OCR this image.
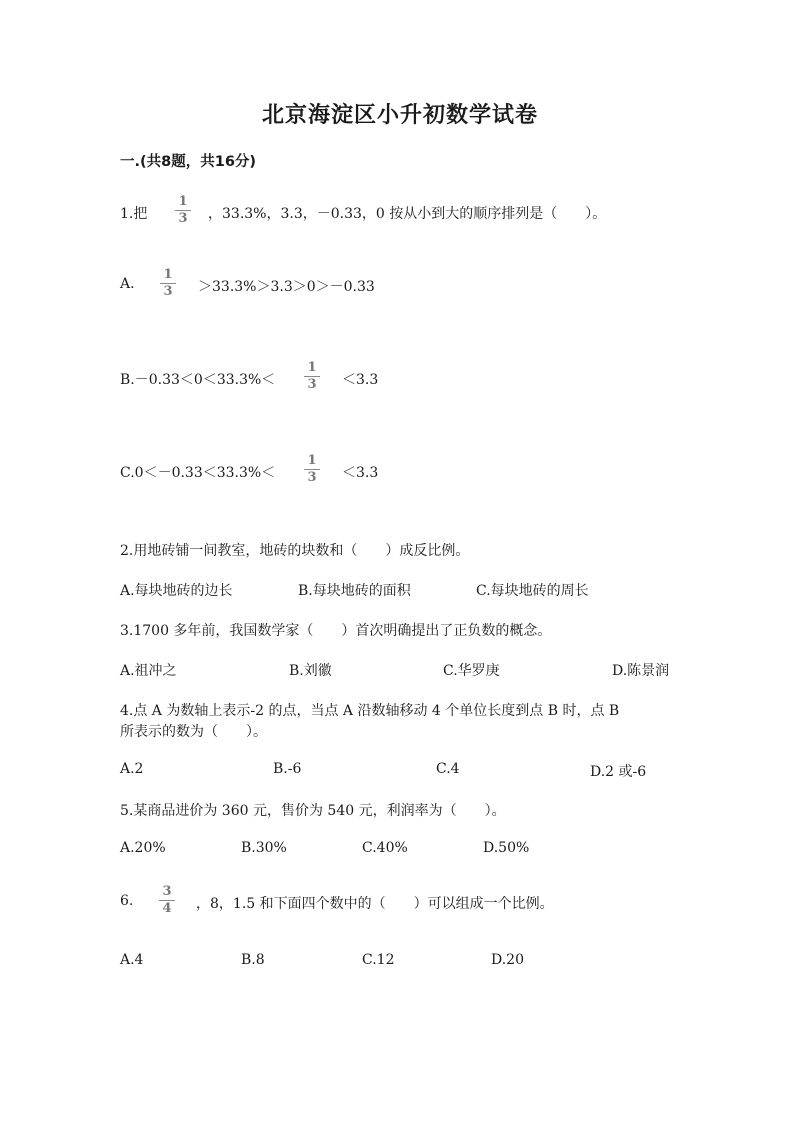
北京海淀区小升初数学试卷
一.(共8题，共16分)
1.把
1
3 ，33.3%，3.3，－0.33，0 按从小到大的顺序排列是（　　）。
A.
1
3 ＞33.3%＞3.3＞0＞－0.33
B.－0.33＜0＜33.3%＜
1
3 ＜3.3
C.0＜－0.33＜33.3%＜
1
3 ＜3.3
2.用地砖铺一间教室，地砖的块数和（　　）成反比例。
A.每块地砖的边长	B.每块地砖的面积	C.每块地砖的周长
3.1700 多年前，我国数学家（　　）首次明确提出了正负数的概念。
A.祖冲之	B.刘徽	C.华罗庚	D.陈景润
4.点 A 为数轴上表示-2 的点，当点 A 沿数轴移动 4 个单位长度到点 B 时，点 B
所表示的数为（　　）。
A.2	B.-6	C.4	D.2 或-6
5.某商品进价为 360 元，售价为 540 元，利润率为（　　）。
A.20%	B.30%	C.40%	D.50%
6.
3
4 ，8，1.5 和下面四个数中的（　　）可以组成一个比例。
A.4	B.8	C.12	D.20
